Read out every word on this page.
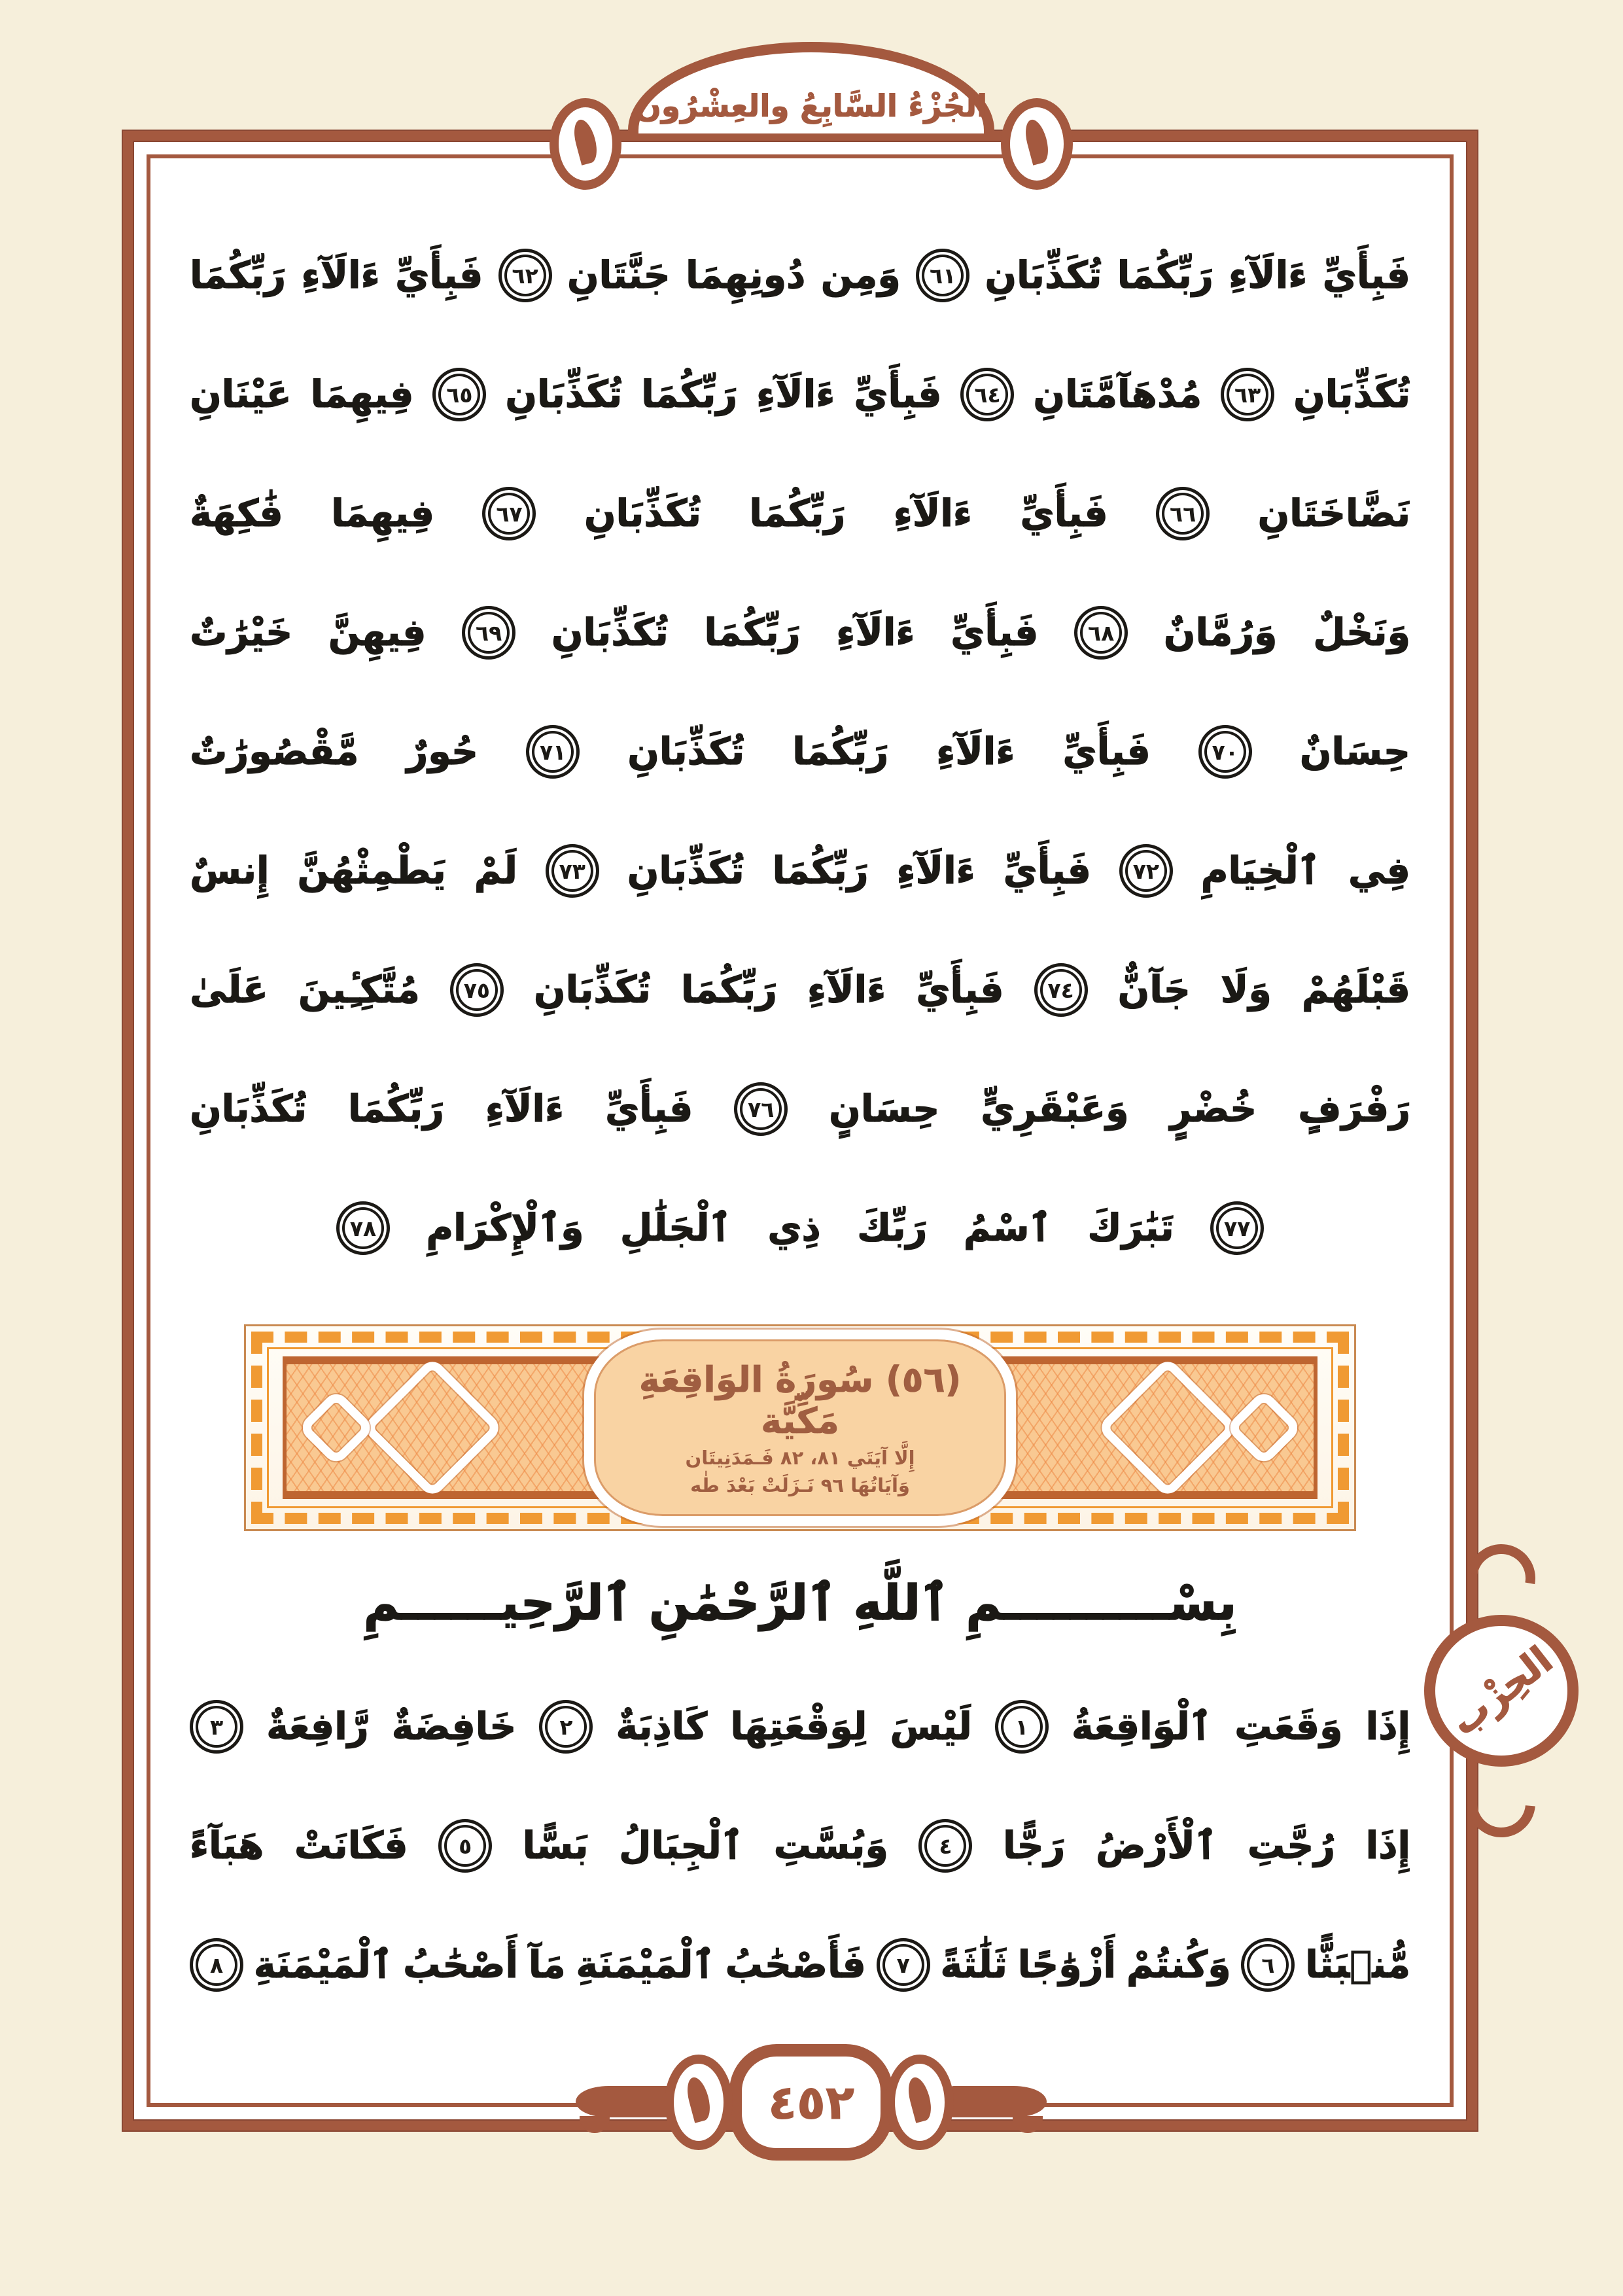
الجُزْءُ السَّابِعُ والعِشْرُون
فَبِأَيِّ
ءَالَآءِ
رَبِّكُمَا
تُكَذِّبَانِ
٦١
وَمِن
دُونِهِمَا
جَنَّتَانِ
٦٢
فَبِأَيِّ
ءَالَآءِ
رَبِّكُمَا
تُكَذِّبَانِ
٦٣
مُدْهَآمَّتَانِ
٦٤
فَبِأَيِّ
ءَالَآءِ
رَبِّكُمَا
تُكَذِّبَانِ
٦٥
فِيهِمَا
عَيْنَانِ
نَضَّاخَتَانِ
٦٦
فَبِأَيِّ
ءَالَآءِ
رَبِّكُمَا
تُكَذِّبَانِ
٦٧
فِيهِمَا
فَٰكِهَةٌ
وَنَخْلٌ
وَرُمَّانٌ
٦٨
فَبِأَيِّ
ءَالَآءِ
رَبِّكُمَا
تُكَذِّبَانِ
٦٩
فِيهِنَّ
خَيْرَٰتٌ
حِسَانٌ
٧٠
فَبِأَيِّ
ءَالَآءِ
رَبِّكُمَا
تُكَذِّبَانِ
٧١
حُورٌ
مَّقْصُورَٰتٌ
فِي
ٱلْخِيَامِ
٧٢
فَبِأَيِّ
ءَالَآءِ
رَبِّكُمَا
تُكَذِّبَانِ
٧٣
لَمْ
يَطْمِثْهُنَّ
إِنسٌ
قَبْلَهُمْ
وَلَا
جَآنٌّ
٧٤
فَبِأَيِّ
ءَالَآءِ
رَبِّكُمَا
تُكَذِّبَانِ
٧٥
مُتَّكِـِٔينَ
عَلَىٰ
رَفْرَفٍ
خُضْرٍ
وَعَبْقَرِيٍّ
حِسَانٍ
٧٦
فَبِأَيِّ
ءَالَآءِ
رَبِّكُمَا
تُكَذِّبَانِ
٧٧
تَبَٰرَكَ
ٱسْمُ
رَبِّكَ
ذِي
ٱلْجَلَٰلِ
وَٱلْإِكْرَامِ
٧٨
(٥٦) سُورَةُ الوَاقِعَةِ مَكِّيَّة
إِلَّا آيَتَي ٨١، ٨٢ فَـمَدَنِيتَان
وَآيَاتُهَا ٩٦ نَـزَلَتْ بَعْدَ طٰه
بِسْــــــــــمِ ٱللَّهِ ٱلرَّحْمَٰنِ ٱلرَّحِيــــــمِ
إِذَا
وَقَعَتِ
ٱلْوَاقِعَةُ
١
لَيْسَ
لِوَقْعَتِهَا
كَاذِبَةٌ
٢
خَافِضَةٌ
رَّافِعَةٌ
٣
إِذَا
رُجَّتِ
ٱلْأَرْضُ
رَجًّا
٤
وَبُسَّتِ
ٱلْجِبَالُ
بَسًّا
٥
فَكَانَتْ
هَبَآءً
مُّنۢبَثًّا
٦
وَكُنتُمْ
أَزْوَٰجًا
ثَلَٰثَةً
٧
فَأَصْحَٰبُ
ٱلْمَيْمَنَةِ
مَآ
أَصْحَٰبُ
ٱلْمَيْمَنَةِ
٨
الحِزْب
٤٥٢
